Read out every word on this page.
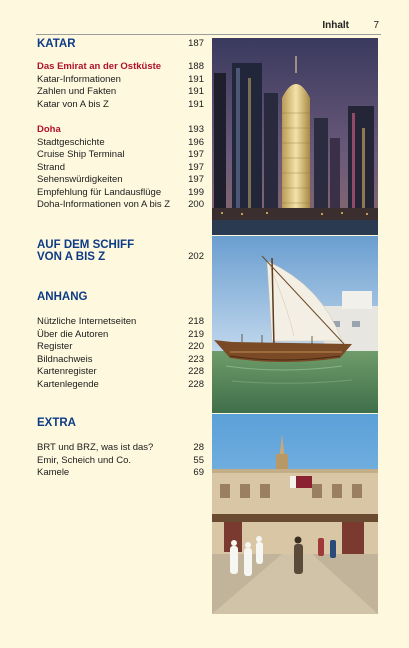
Inhalt 7
KATAR	187
Das Emirat an der Ostküste	188
Katar-Informationen	191
Zahlen und Fakten	191
Katar von A bis Z	191
Doha	193
Stadtgeschichte	196
Cruise Ship Terminal	197
Strand	197
Sehenswürdigkeiten	197
Empfehlung für Landausflüge	199
Doha-Informationen von A bis Z	200
AUF DEM SCHIFF
VON A BIS Z	202
ANHANG
Nützliche Internetseiten	218
Über die Autoren	219
Register	220
Bildnachweis	223
Kartenregister	228
Kartenlegende	228
EXTRA
BRT und BRZ, was ist das?	28
Emir, Scheich und Co.	55
Kamele	69
